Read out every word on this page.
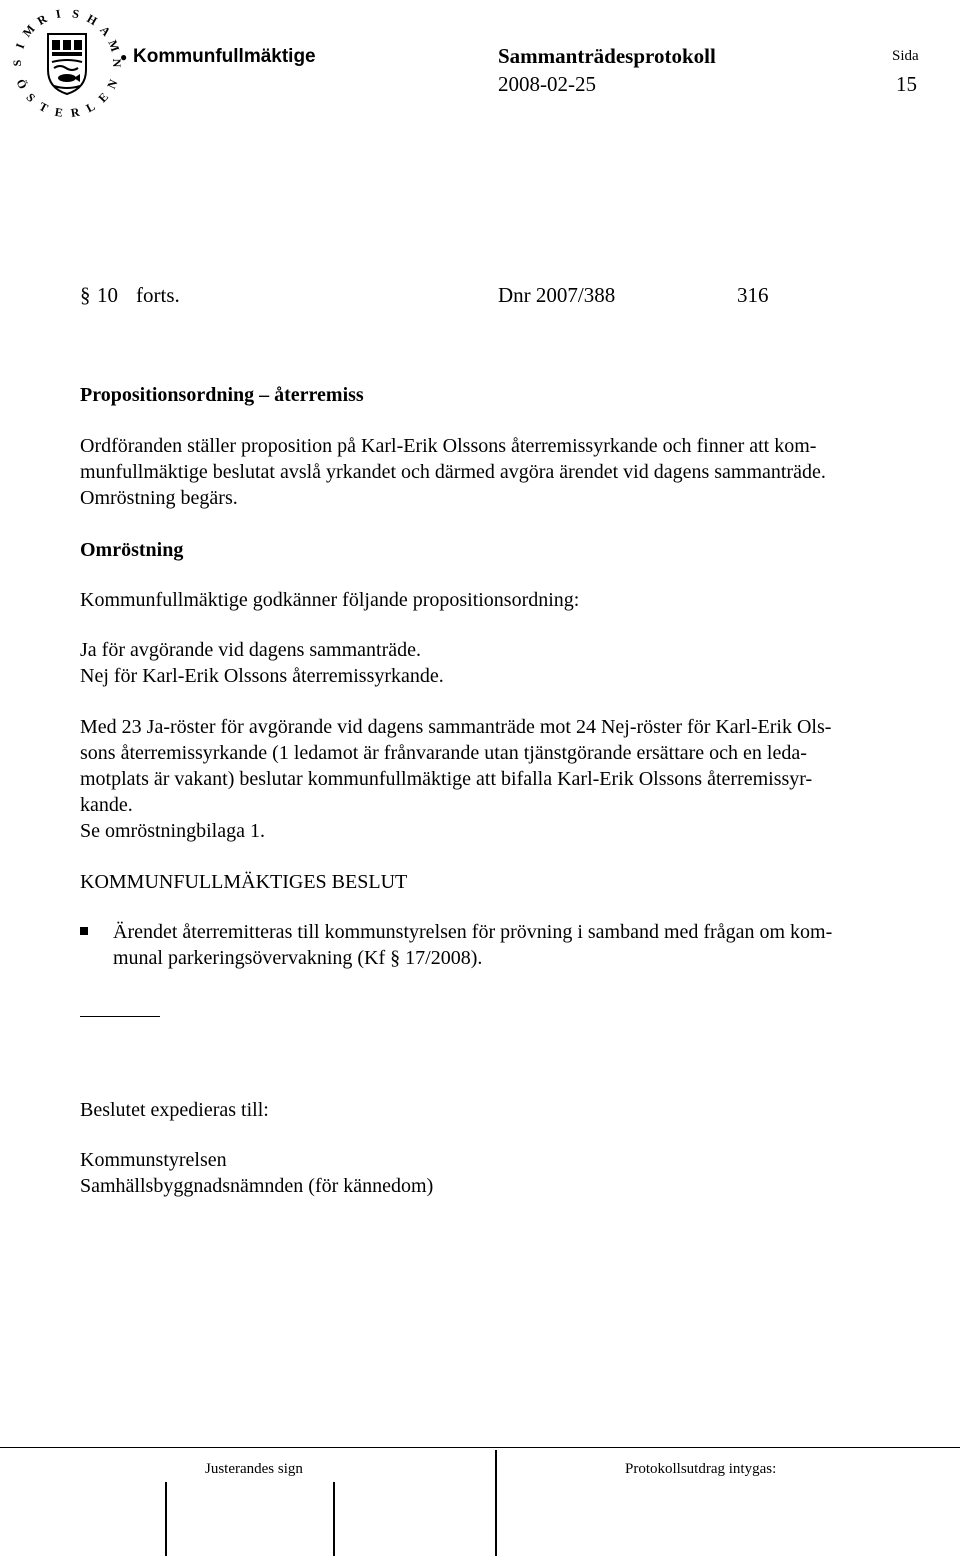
S
I
M
R I S H
A
M
N
Ö
S
T E R L
E
N
● Kommunfullmäktige	Sammanträdesprotokoll	Sida
2008-02-25	15
§ 10 forts.	Dnr 2007/388	316
Propositionsordning – återremiss
Ordföranden ställer proposition på Karl-Erik Olssons återremissyrkande och finner att kom-
munfullmäktige beslutat avslå yrkandet och därmed avgöra ärendet vid dagens sammanträde.
Omröstning begärs.
Omröstning
Kommunfullmäktige godkänner följande propositionsordning:
Ja för avgörande vid dagens sammanträde.
Nej för Karl-Erik Olssons återremissyrkande.
Med 23 Ja-röster för avgörande vid dagens sammanträde mot 24 Nej-röster för Karl-Erik Ols-
sons återremissyrkande (1 ledamot är frånvarande utan tjänstgörande ersättare och en leda-
motplats är vakant) beslutar kommunfullmäktige att bifalla Karl-Erik Olssons återremissyr-
kande.
Se omröstningbilaga 1.
KOMMUNFULLMÄKTIGES BESLUT
Ärendet återremitteras till kommunstyrelsen för prövning i samband med frågan om kom-
munal parkeringsövervakning (Kf § 17/2008).
Beslutet expedieras till:
Kommunstyrelsen
Samhällsbyggnadsnämnden (för kännedom)
Justerandes sign	Protokollsutdrag intygas:
